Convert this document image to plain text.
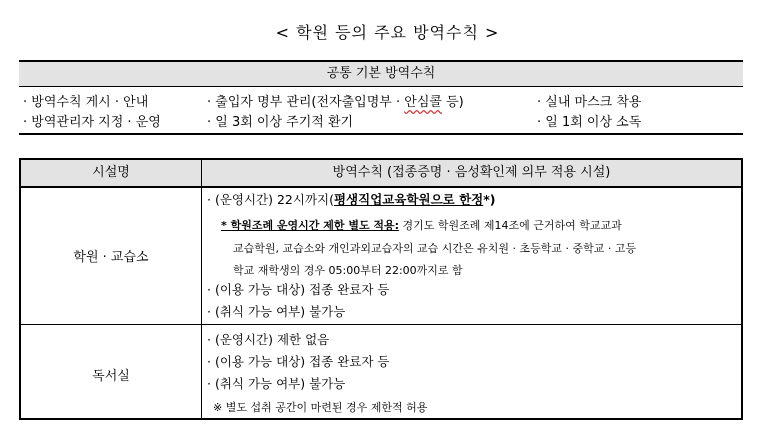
< 학원 등의 주요 방역수칙 >
공통 기본 방역수칙
· 방역수칙 게시 · 안내	· 출입자 명부 관리(전자출입명부 · 안심콜 등)	· 실내 마스크 착용
· 방역관리자 지정 · 운영	· 일 3회 이상 주기적 환기	· 일 1회 이상 소독
시설명	방역수칙 (접종증명 · 음성확인제 의무 적용 시설)
학원 · 교습소
· (운영시간) 22시까지(평생직업교육학원으로 한정*)
* 학원조례 운영시간 제한 별도 적용: 경기도 학원조례 제14조에 근거하여 학교교과
교습학원, 교습소와 개인과외교습자의 교습 시간은 유치원 · 초등학교 · 중학교 · 고등
학교 재학생의 경우 05:00부터 22:00까지로 함
· (이용 가능 대상) 접종 완료자 등
· (취식 가능 여부) 불가능
독서실
· (운영시간) 제한 없음
· (이용 가능 대상) 접종 완료자 등
· (취식 가능 여부) 불가능
※ 별도 섭취 공간이 마련된 경우 제한적 허용
